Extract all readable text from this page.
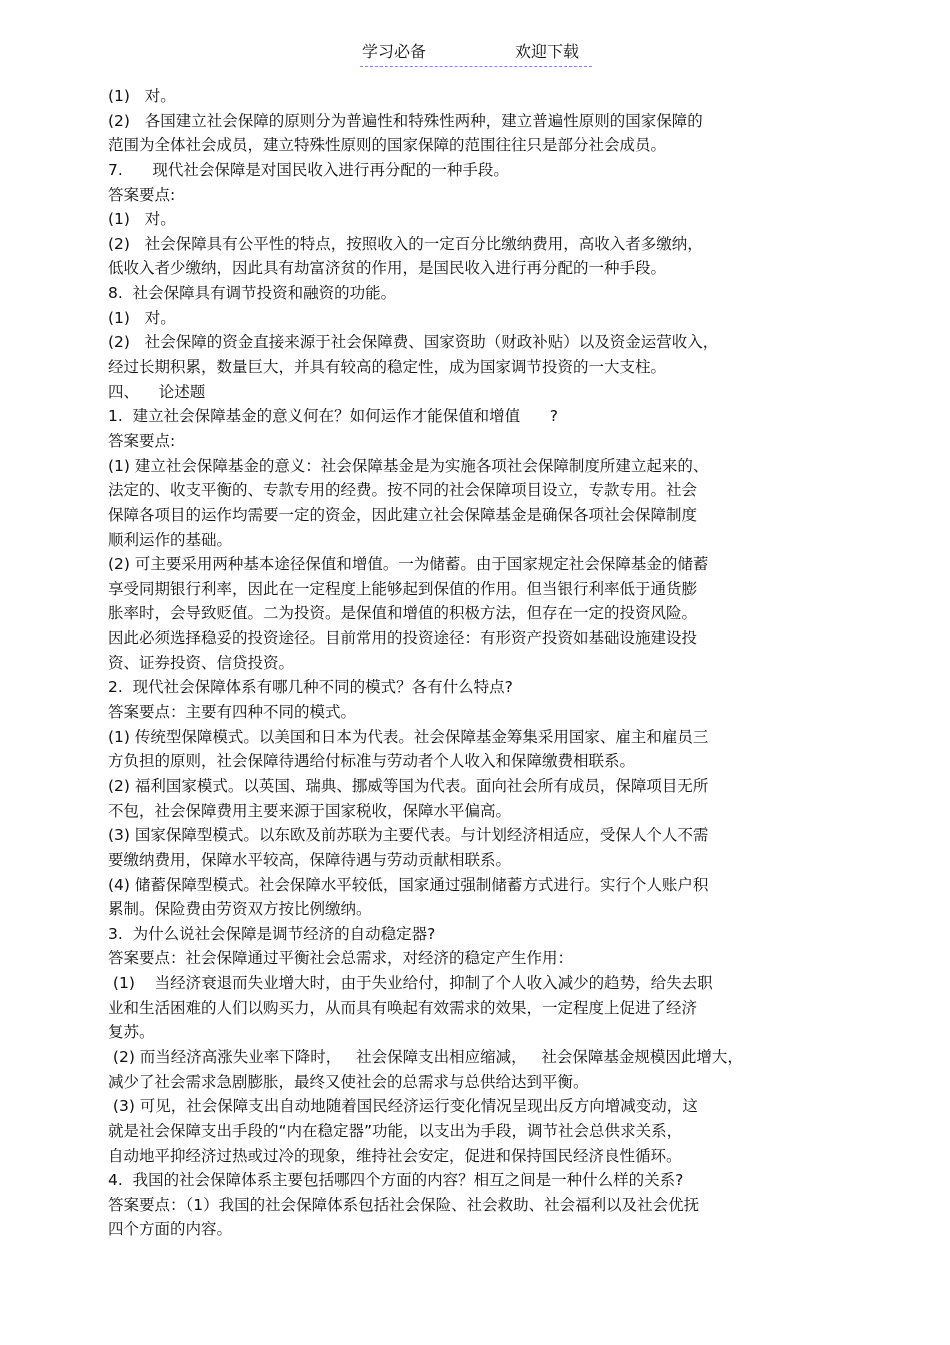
学习必备	欢迎下载
(1)   对。
(2)   各国建立社会保障的原则分为普遍性和特殊性两种，建立普遍性原则的国家保障的
范围为全体社会成员，建立特殊性原则的国家保障的范围往往只是部分社会成员。
7.      现代社会保障是对国民收入进行再分配的一种手段。
答案要点:
(1)   对。
(2)   社会保障具有公平性的特点，按照收入的一定百分比缴纳费用，高收入者多缴纳，
低收入者少缴纳，因此具有劫富济贫的作用，是国民收入进行再分配的一种手段。
8.  社会保障具有调节投资和融资的功能。
(1)   对。
(2)   社会保障的资金直接来源于社会保障费、国家资助（财政补贴）以及资金运营收入，
经过长期积累，数量巨大，并具有较高的稳定性，成为国家调节投资的一大支柱。
四、    论述题
1.  建立社会保障基金的意义何在？如何运作才能保值和增值      ?
答案要点:
(1) 建立社会保障基金的意义：社会保障基金是为实施各项社会保障制度所建立起来的、
法定的、收支平衡的、专款专用的经费。按不同的社会保障项目设立，专款专用。社会
保障各项目的运作均需要一定的资金，因此建立社会保障基金是确保各项社会保障制度
顺利运作的基础。
(2) 可主要采用两种基本途径保值和增值。一为储蓄。由于国家规定社会保障基金的储蓄
享受同期银行利率，因此在一定程度上能够起到保值的作用。但当银行利率低于通货膨
胀率时，会导致贬值。二为投资。是保值和增值的积极方法，但存在一定的投资风险。
因此必须选择稳妥的投资途径。目前常用的投资途径：有形资产投资如基础设施建设投
资、证券投资、信贷投资。
2.  现代社会保障体系有哪几种不同的模式？各有什么特点?
答案要点：主要有四种不同的模式。
(1) 传统型保障模式。以美国和日本为代表。社会保障基金筹集采用国家、雇主和雇员三
方负担的原则，社会保障待遇给付标准与劳动者个人收入和保障缴费相联系。
(2) 福利国家模式。以英国、瑞典、挪威等国为代表。面向社会所有成员，保障项目无所
不包，社会保障费用主要来源于国家税收，保障水平偏高。
(3) 国家保障型模式。以东欧及前苏联为主要代表。与计划经济相适应，受保人个人不需
要缴纳费用，保障水平较高，保障待遇与劳动贡献相联系。
(4) 储蓄保障型模式。社会保障水平较低，国家通过强制储蓄方式进行。实行个人账户积
累制。保险费由劳资双方按比例缴纳。
3.  为什么说社会保障是调节经济的自动稳定器?
答案要点：社会保障通过平衡社会总需求，对经济的稳定产生作用：
(1)    当经济衰退而失业增大时，由于失业给付，抑制了个人收入减少的趋势，给失去职
业和生活困难的人们以购买力，从而具有唤起有效需求的效果，一定程度上促进了经济
复苏。
(2) 而当经济高涨失业率下降时，   社会保障支出相应缩减，   社会保障基金规模因此增大，
减少了社会需求急剧膨胀，最终又使社会的总需求与总供给达到平衡。
(3) 可见，社会保障支出自动地随着国民经济运行变化情况呈现出反方向增减变动，这
就是社会保障支出手段的“内在稳定器”功能，以支出为手段，调节社会总供求关系，
自动地平抑经济过热或过冷的现象，维持社会安定，促进和保持国民经济良性循环。
4.  我国的社会保障体系主要包括哪四个方面的内容？相互之间是一种什么样的关系?
答案要点：（1）我国的社会保障体系包括社会保险、社会救助、社会福利以及社会优抚
四个方面的内容。
